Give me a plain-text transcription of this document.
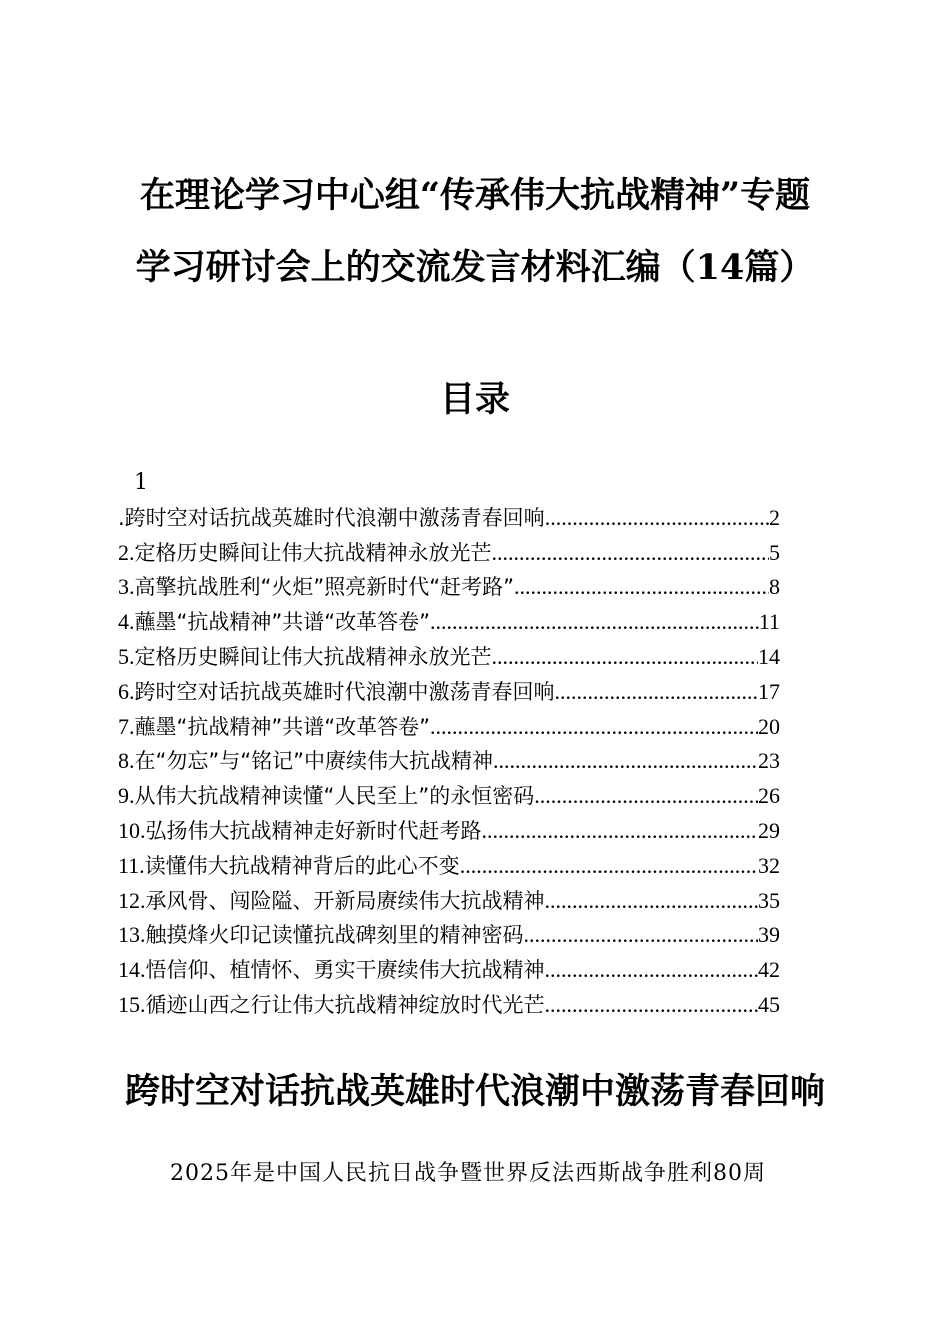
在理论学习中心组“传承伟大抗战精神”专题
学习研讨会上的交流发言材料汇编（14篇）
目录
1
.跨时空对话抗战英雄时代浪潮中激荡青春回响 .....	2
2. 定格历史瞬间让伟大抗战精神永放光芒 .....	5
3. 高擎抗战胜利“火炬”照亮新时代“赶考路” .....	8
4. 蘸墨“抗战精神”共谱“改革答卷” .....	11
5. 定格历史瞬间让伟大抗战精神永放光芒 .....	14
6. 跨时空对话抗战英雄时代浪潮中激荡青春回响 .....	17
7. 蘸墨“抗战精神”共谱“改革答卷” .....	20
8. 在“勿忘”与“铭记”中赓续伟大抗战精神 .....	23
9. 从伟大抗战精神读懂“人民至上”的永恒密码 .....	26
10. 弘扬伟大抗战精神走好新时代赶考路 .....	29
11. 读懂伟大抗战精神背后的此心不变 .....	32
12. 承风骨、闯险隘、开新局赓续伟大抗战精神 .....	35
13. 触摸烽火印记读懂抗战碑刻里的精神密码 .....	39
14. 悟信仰、植情怀、勇实干赓续伟大抗战精神 .....	42
15. 循迹山西之行让伟大抗战精神绽放时代光芒 .....	45
跨时空对话抗战英雄时代浪潮中激荡青春回响

2025年是中国人民抗日战争暨世界反法西斯战争胜利80周
